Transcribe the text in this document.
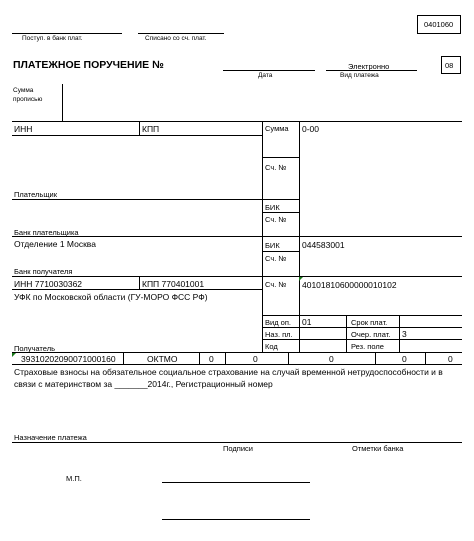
0401060
Поступ. в банк плат.	Списано со сч. плат.
ПЛАТЕЖНОЕ ПОРУЧЕНИЕ №	Электронно
Дата	Вид платежа
08
Сумма прописью
ИНН	КПП	Сумма 0-00
Сч. №
Плательщик
БИК
Сч. №
Банк плательщика
Отделение 1 Москва	БИК	044583001
Сч. №
Банк получателя
ИНН 7710030362	КПП 770401001	Сч. № 40101810600000010102
УФК по Московской области (ГУ-МОРО ФСС РФ)
Вид оп. 01	Срок плат.
Наз. пл.	Очер. плат. 3
Код	Рез. поле
Получатель
39310202090071000160	ОКТМО	0	0	0	0	0
Страховые взносы на обязательное социальное страхование на случай временной нетрудоспособности и в связи с материнством за _______2014г., Регистрационный номер
Назначение платежа
Подписи	Отметки банка
М.П.
